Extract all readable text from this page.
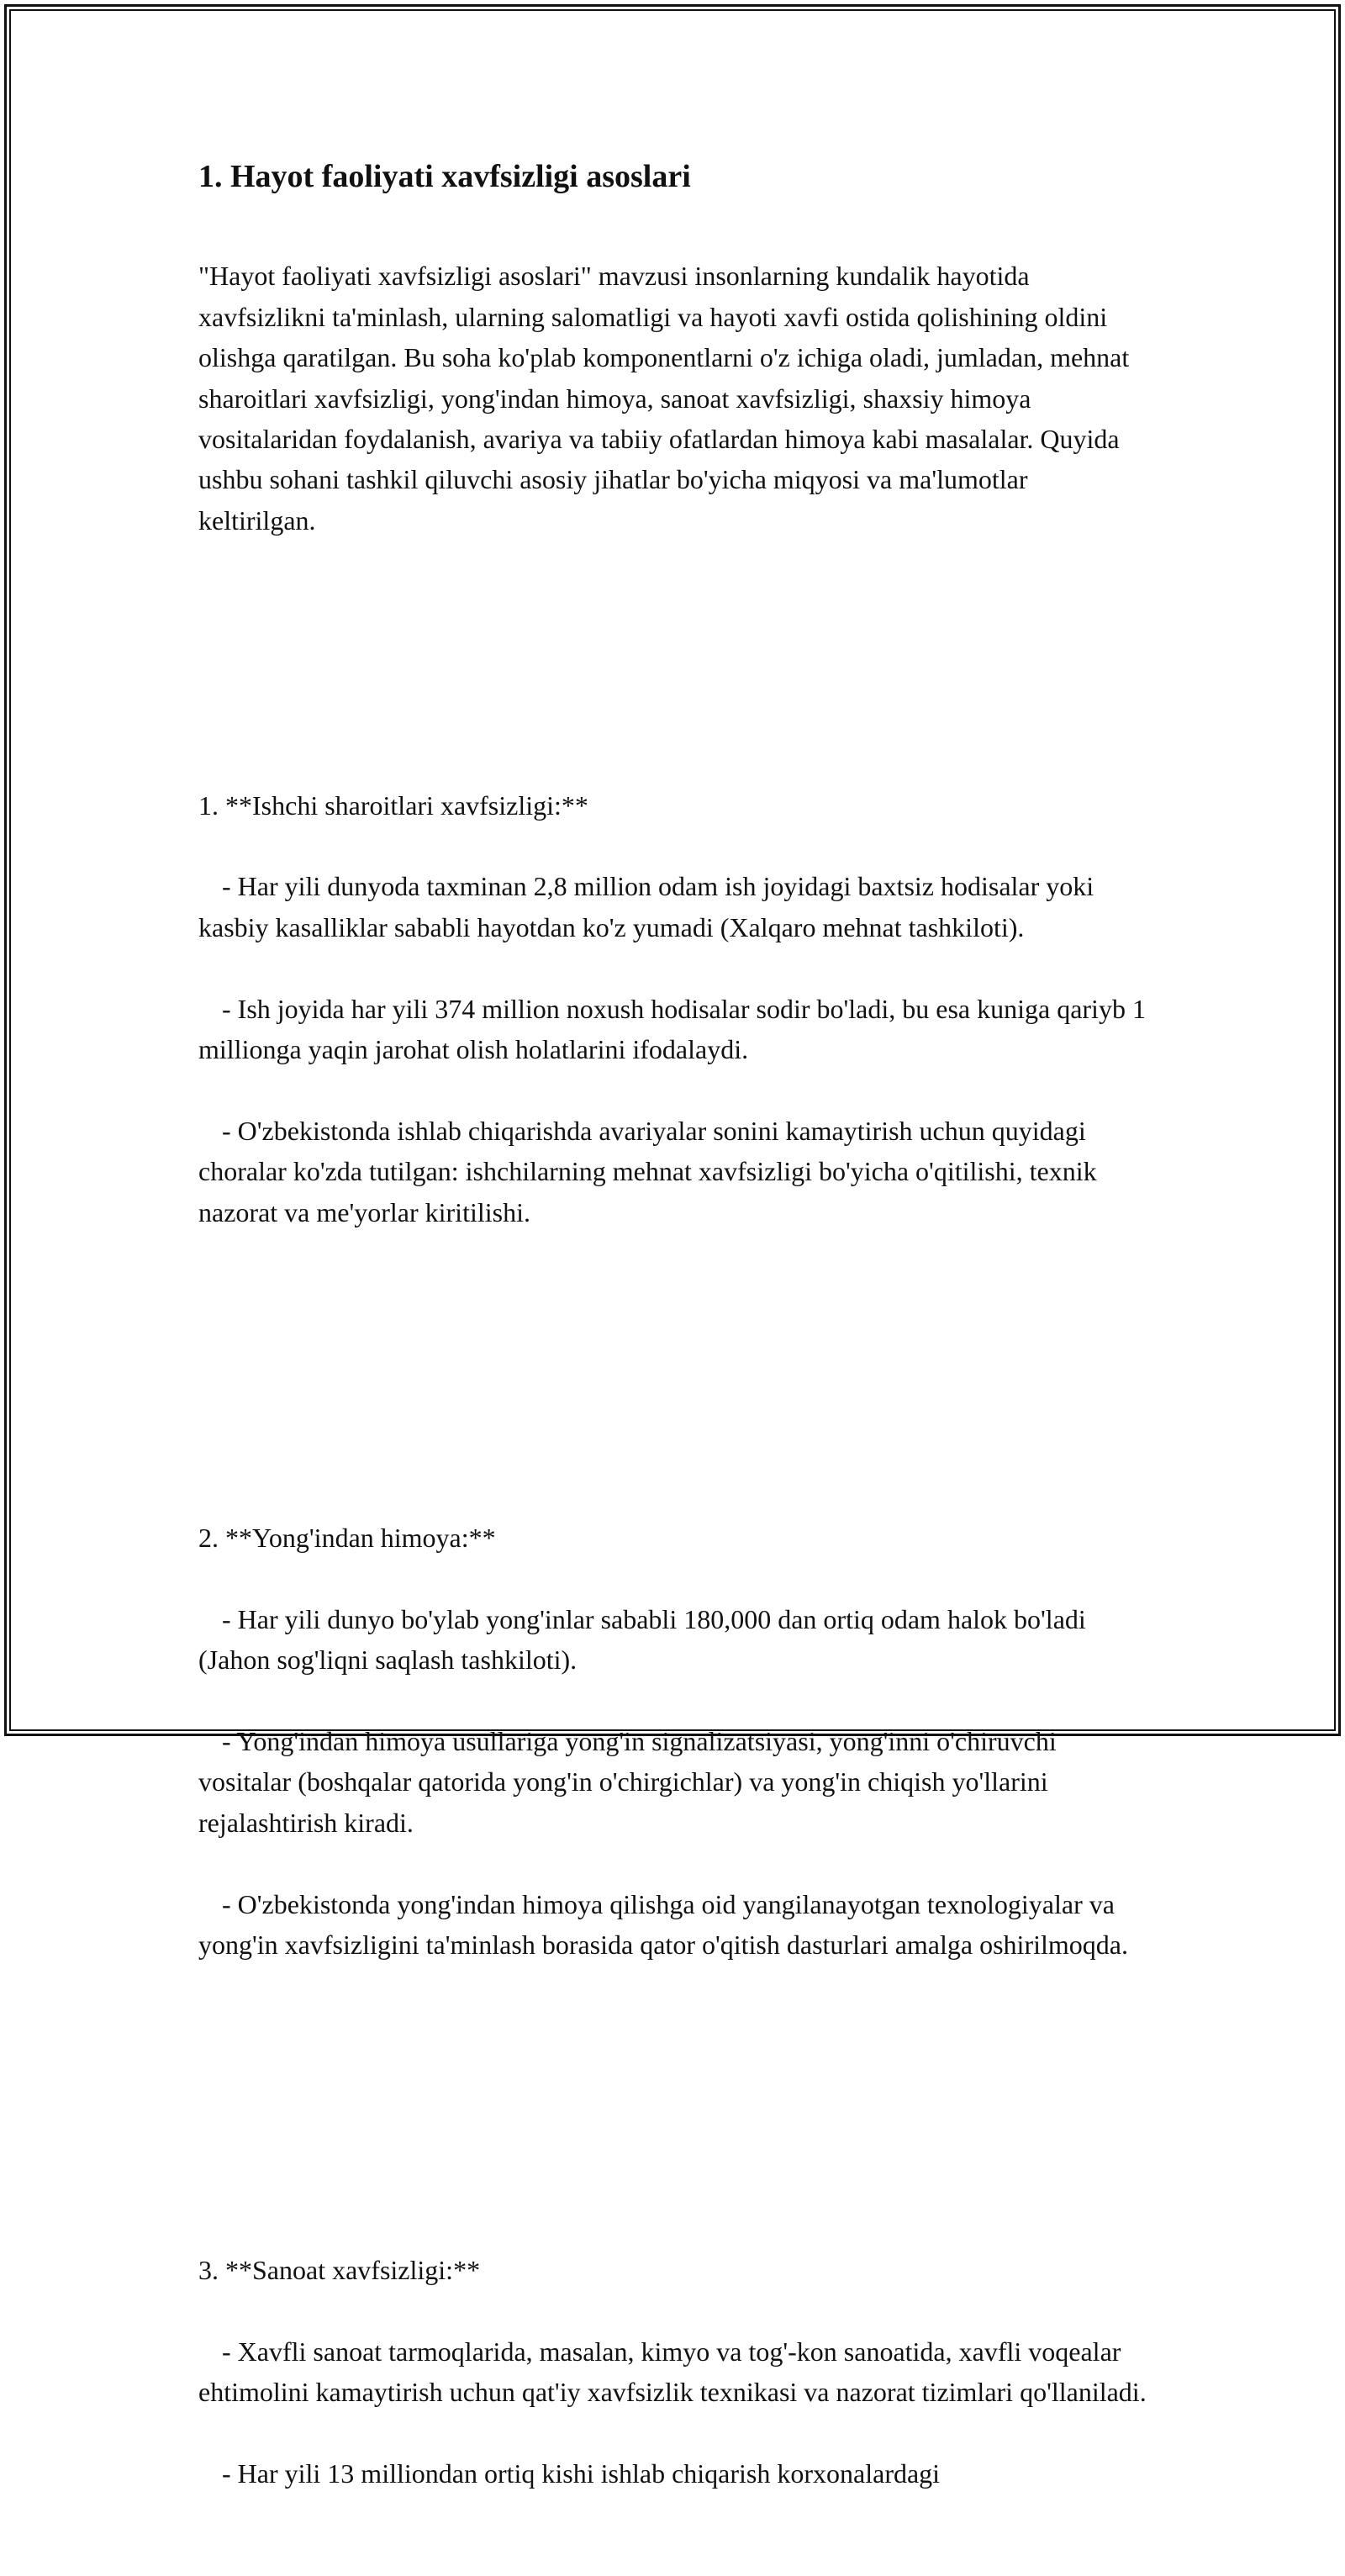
1. Hayot faoliyati xavfsizligi asoslari

"Hayot faoliyati xavfsizligi asoslari" mavzusi insonlarning kundalik hayotida xavfsizlikni ta'minlash, ularning salomatligi va hayoti xavfi ostida qolishining oldini olishga qaratilgan. Bu soha ko'plab komponentlarni o'z ichiga oladi, jumladan, mehnat sharoitlari xavfsizligi, yong'indan himoya, sanoat xavfsizligi, shaxsiy himoya vositalaridan foydalanish, avariya va tabiiy ofatlardan himoya kabi masalalar. Quyida ushbu sohani tashkil qiluvchi asosiy jihatlar bo'yicha miqyosi va ma'lumotlar keltirilgan.

1. **Ishchi sharoitlari xavfsizligi:**

- Har yili dunyoda taxminan 2,8 million odam ish joyidagi baxtsiz hodisalar yoki kasbiy kasalliklar sababli hayotdan ko'z yumadi (Xalqaro mehnat tashkiloti).

- Ish joyida har yili 374 million noxush hodisalar sodir bo'ladi, bu esa kuniga qariyb 1 millionga yaqin jarohat olish holatlarini ifodalaydi.

- O'zbekistonda ishlab chiqarishda avariyalar sonini kamaytirish uchun quyidagi choralar ko'zda tutilgan: ishchilarning mehnat xavfsizligi bo'yicha o'qitilishi, texnik nazorat va me'yorlar kiritilishi.

2. **Yong'indan himoya:**

- Har yili dunyo bo'ylab yong'inlar sababli 180,000 dan ortiq odam halok bo'ladi (Jahon sog'liqni saqlash tashkiloti).

- Yong'indan himoya usullariga yong'in signalizatsiyasi, yong'inni o'chiruvchi vositalar (boshqalar qatorida yong'in o'chirgichlar) va yong'in chiqish yo'llarini rejalashtirish kiradi.

- O'zbekistonda yong'indan himoya qilishga oid yangilanayotgan texnologiyalar va yong'in xavfsizligini ta'minlash borasida qator o'qitish dasturlari amalga oshirilmoqda.

3. **Sanoat xavfsizligi:**

- Xavfli sanoat tarmoqlarida, masalan, kimyo va tog'-kon sanoatida, xavfli voqealar ehtimolini kamaytirish uchun qat'iy xavfsizlik texnikasi va nazorat tizimlari qo'llaniladi.

- Har yili 13 milliondan ortiq kishi ishlab chiqarish korxonalardagi
